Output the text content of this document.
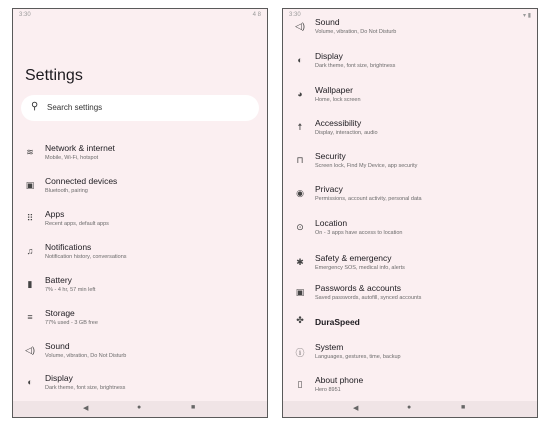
3:30	4 8
Settings
⚲ Search settings
≋	Network & internet
Mobile, Wi-Fi, hotspot
▣	Connected devices
Bluetooth, pairing
⠿	Apps
Recent apps, default apps
♫	Notifications
Notification history, conversations
▮	Battery
7% - 4 hr, 57 min left
≡	Storage
77% used - 3 GB free
◁) Sound
Volume, vibration, Do Not Disturb
◐	Display
Dark theme, font size, brightness
◀	●	■
3:30	▾ ▮
◁) Sound
Volume, vibration, Do Not Disturb
◐	Display
Dark theme, font size, brightness
◕	Wallpaper
Home, lock screen
☨	Accessibility
Display, interaction, audio
⊓	Security
Screen lock, Find My Device, app security
◉	Privacy
Permissions, account activity, personal data
⊙	Location
On - 3 apps have access to location
✱	Safety & emergency
Emergency SOS, medical info, alerts
▣	Passwords & accounts
Saved passwords, autofill, synced accounts
✤	DuraSpeed
ⓘ
System
Languages, gestures, time, backup
▯	About phone
Hero 8951
◀	●	■
